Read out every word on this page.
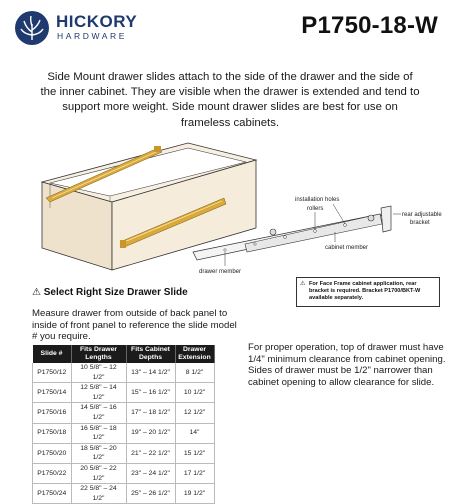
HICKORY
HARDWARE	P1750-18-W
Side Mount drawer slides attach to the side of the drawer and the side of the inner cabinet. They are visible when the drawer is extended and tend to support more weight. Side mount drawer slides are best for use on frameless cabinets.
installation holes
rollers
rear adjustable
bracket
cabinet member
drawer member
⚠ For Face Frame cabinet application, rear bracket is required. Bracket P1700/BKT-W available separately.
⚠ Select Right Size Drawer Slide
Measure drawer from outside of back panel to inside of front panel to reference the slide model # you require.
Slide #	Fits Drawer Lengths	Fits Cabinet Depths	Drawer Extension
P1750/12	10 5/8" – 12 1/2"	13" – 14 1/2"	8 1/2"
P1750/14	12 5/8" – 14 1/2"	15" – 16 1/2"	10 1/2"
P1750/16	14 5/8" – 16 1/2"	17" – 18 1/2"	12 1/2"
P1750/18	16 5/8" – 18 1/2"	19" – 20 1/2"	14"
P1750/20	18 5/8" – 20 1/2"	21" – 22 1/2"	15 1/2"
P1750/22	20 5/8" – 22 1/2"	23" – 24 1/2"	17 1/2"
P1750/24	22 5/8" – 24 1/2"	25" – 26 1/2"	19 1/2"
For proper operation, top of drawer must have 1/4" minimum clearance from cabinet opening. Sides of drawer must be 1/2" narrower than cabinet opening to allow clearance for slide.
